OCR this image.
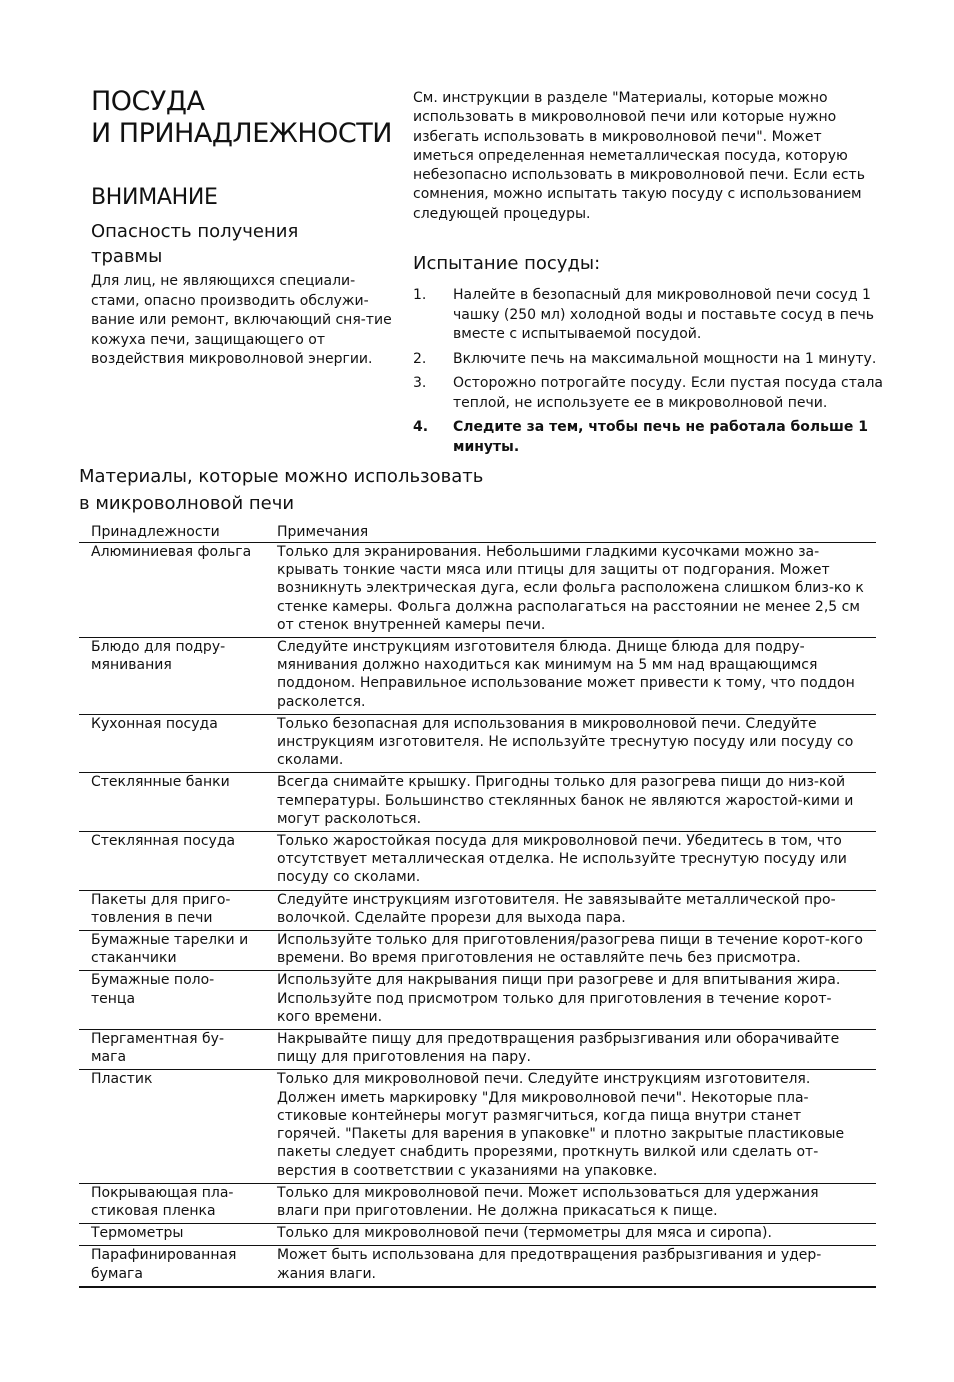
ПОСУДА
И ПРИНАДЛЕЖНОСТИ
ВНИМАНИЕ
Опасность получения травмы

Для лиц, не являющихся специали-стами, опасно производить обслужи-вание или ремонт, включающий сня-тие кожуха печи, защищающего от воздействия микроволновой энергии.

См. инструкции в разделе "Материалы, которые можно использовать в микроволновой печи или которые нужно избегать использовать в микроволновой печи". Может иметься определенная неметаллическая посуда, которую небезопасно использовать в микроволновой печи. Если есть сомнения, можно испытать такую посуду с использованием следующей процедуры.

Испытание посуды:
1. Налейте в безопасный для микроволновой печи сосуд 1 чашку (250 мл) холодной воды и поставьте сосуд в печь вместе с испытываемой посудой.
2. Включите печь на максимальной мощности на 1 минуту.
3. Осторожно потрогайте посуду. Если пустая посуда стала теплой, не используете ее в микроволновой печи.
4. Следите за тем, чтобы печь не работала больше 1 минуты.
Материалы, которые можно использовать в микроволновой печи
Принадлежности	Примечания
Алюминиевая фольга	Только для экранирования. Небольшими гладкими кусочками можно за-крывать тонкие части мяса или птицы для защиты от подгорания. Может возникнуть электрическая дуга, если фольга расположена слишком близ-ко к стенке камеры. Фольга должна располагаться на расстоянии не менее 2,5 см от стенок внутренней камеры печи.
Блюдо для подру-мянивания	Следуйте инструкциям изготовителя блюда. Днище блюда для подру-мянивания должно находиться как минимум на 5 мм над вращающимся поддоном. Неправильное использование может привести к тому, что поддон расколется.
Кухонная посуда	Только безопасная для использования в микроволновой печи. Следуйте инструкциям изготовителя. Не используйте треснутую посуду или посуду со сколами.
Стеклянные банки	Всегда снимайте крышку. Пригодны только для разогрева пищи до низ-кой температуры. Большинство стеклянных банок не являются жаростой-кими и могут расколоться.
Стеклянная посуда	Только жаростойкая посуда для микроволновой печи. Убедитесь в том, что отсутствует металлическая отделка. Не используйте треснутую посуду или посуду со сколами.
Пакеты для приго-товления в печи	Следуйте инструкциям изготовителя. Не завязывайте металлической про-волочкой. Сделайте прорези для выхода пара.
Бумажные тарелки и стаканчики	Используйте только для приготовления/разогрева пищи в течение корот-кого времени. Во время приготовления не оставляйте печь без присмотра.
Бумажные поло-тенца	Используйте для накрывания пищи при разогреве и для впитывания жира. Используйте под присмотром только для приготовления в течение корот-кого времени.
Пергаментная бу-мага	Накрывайте пищу для предотвращения разбрызгивания или оборачивайте пищу для приготовления на пару.
Пластик	Только для микроволновой печи. Следуйте инструкциям изготовителя. Должен иметь маркировку "Для микроволновой печи". Некоторые пла-стиковые контейнеры могут размягчиться, когда пища внутри станет горячей. "Пакеты для варения в упаковке" и плотно закрытые пластиковые пакеты следует снабдить прорезями, проткнуть вилкой или сделать от-верстия в соответствии с указаниями на упаковке.
Покрывающая пла-стиковая пленка	Только для микроволновой печи. Может использоваться для удержания влаги при приготовлении. Не должна прикасаться к пище.
Термометры	Только для микроволновой печи (термометры для мяса и сиропа).
Парафинированная бумага	Может быть использована для предотвращения разбрызгивания и удер-жания влаги.
